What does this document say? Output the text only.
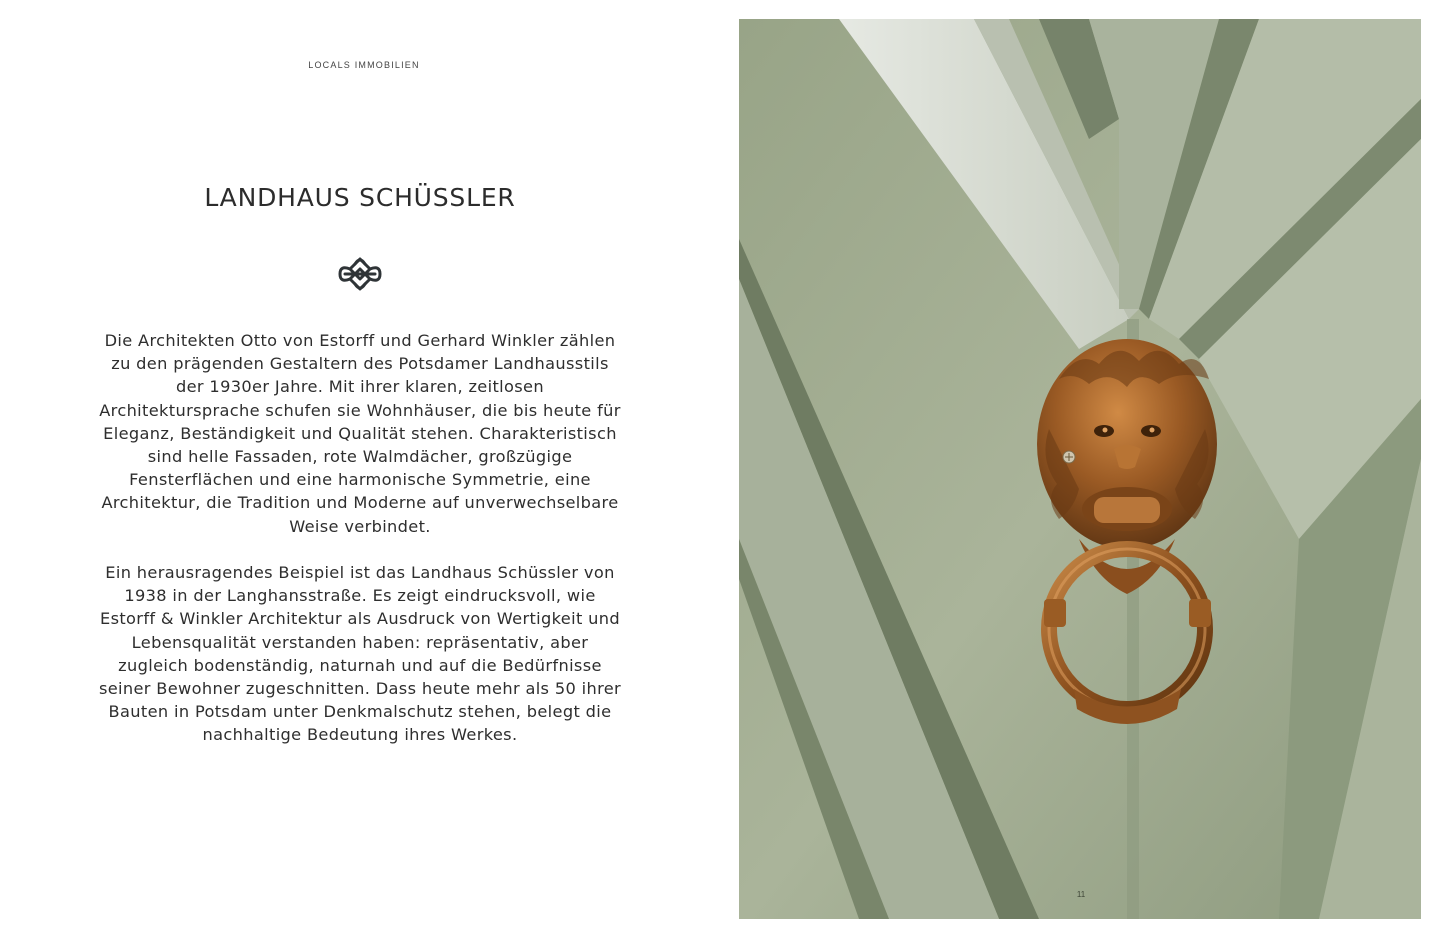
LOCALS IMMOBILIEN
LANDHAUS SCHÜSSLER

Die Architekten Otto von Estorff und Gerhard Winkler zählen zu den prägenden Gestaltern des Potsdamer Landhausstils der 1930er Jahre. Mit ihrer klaren, zeitlosen Architektursprache schufen sie Wohnhäuser, die bis heute für Eleganz, Beständigkeit und Qualität stehen. Charakteristisch sind helle Fassaden, rote Walmdächer, großzügige Fensterflächen und eine harmonische Symmetrie, eine Architektur, die Tradition und Moderne auf unverwechselbare Weise verbindet.

Ein herausragendes Beispiel ist das Landhaus Schüssler von 1938 in der Langhansstraße. Es zeigt eindrucksvoll, wie Estorff & Winkler Architektur als Ausdruck von Wertigkeit und Lebensqualität verstanden haben: repräsentativ, aber zugleich bodenständig, naturnah und auf die Bedürfnisse seiner Bewohner zugeschnitten. Dass heute mehr als 50 ihrer Bauten in Potsdam unter Denkmalschutz stehen, belegt die nachhaltige Bedeutung ihres Werkes.

11
